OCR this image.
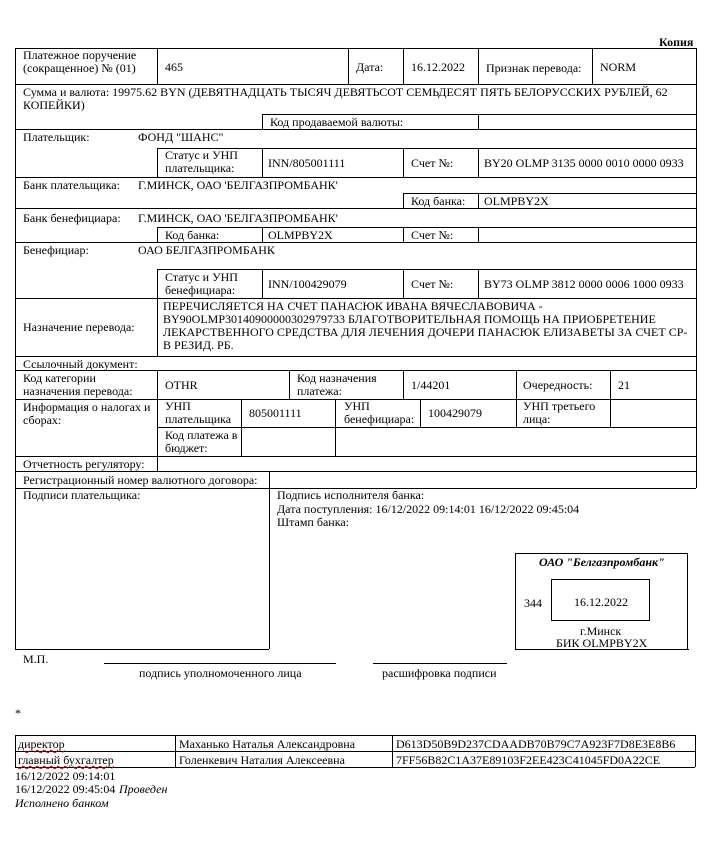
Копия
Платежное поручение (сокращенное) № (01)	465	Дата: 16.12.2022 Признак перевода: NORM
Сумма и валюта: 19975.62 BYN (ДЕВЯТНАДЦАТЬ ТЫСЯЧ ДЕВЯТЬСОТ СЕМЬДЕСЯТ ПЯТЬ БЕЛОРУССКИХ РУБЛЕЙ, 62 КОПЕЙКИ)
Код продаваемой валюты:
Плательщик:	ФОНД "ШАНС"
Статус и УНП плательщика:	INN/805001111	Счет №:	BY20 OLMP 3135 0000 0010 0000 0933
Банк плательщика: Г.МИНСК, ОАО 'БЕЛГАЗПРОМБАНК'
Код банка: OLMPBY2X
Банк бенефициара: Г.МИНСК, ОАО 'БЕЛГАЗПРОМБАНК'
Код банка:	OLMPBY2X	Счет №:
Бенефициар:	ОАО БЕЛГАЗПРОМБАНК
Статус и УНП бенефициара:	INN/100429079	Счет №:	BY73 OLMP 3812 0000 0006 1000 0933
Назначение перевода:
ПЕРЕЧИСЛЯЕТСЯ НА СЧЕТ ПАНАСЮК ИВАНА ВЯЧЕСЛАВОВИЧА - BY90OLMP30140900000302979733 БЛАГОТВОРИТЕЛЬНАЯ ПОМОЩЬ НА ПРИОБРЕТЕНИЕ ЛЕКАРСТВЕННОГО СРЕДСТВА ДЛЯ ЛЕЧЕНИЯ ДОЧЕРИ ПАНАСЮК ЕЛИЗАВЕТЫ ЗА СЧЕТ СР-В РЕЗИД. РБ.
Ссылочный документ:
Код категории назначения перевода:	OTHR	Код назначения платежа:	1/44201	Очередность: 21
Информация о налогах и сборах:
УНП плательщика	805001111	УНП бенефициара:	100429079	УНП третьего лица:
Код платежа в бюджет:
Отчетность регулятору:
Регистрационный номер валютного договора:
Подписи плательщика:	Подпись исполнителя банка:
Дата поступления: 16/12/2022 09:14:01 16/12/2022 09:45:04
Штамп банка:
ОАО "Белгазпромбанк"
344	16.12.2022
г.Минск
БИК OLMPBY2X
М.П.
подпись уполномоченного лица	расшифровка подписи
*
директор	Маханько Наталья Александровна	D613D50B9D237CDAADB70B79C7A923F7D8E3E8B6
главный бухгалтер	Голенкевич Наталия Алексеевна	7FF56B82C1A37E89103F2EE423C41045FD0A22CE
16/12/2022 09:14:01
16/12/2022 09:45:04 Проведен
Исполнено банком
